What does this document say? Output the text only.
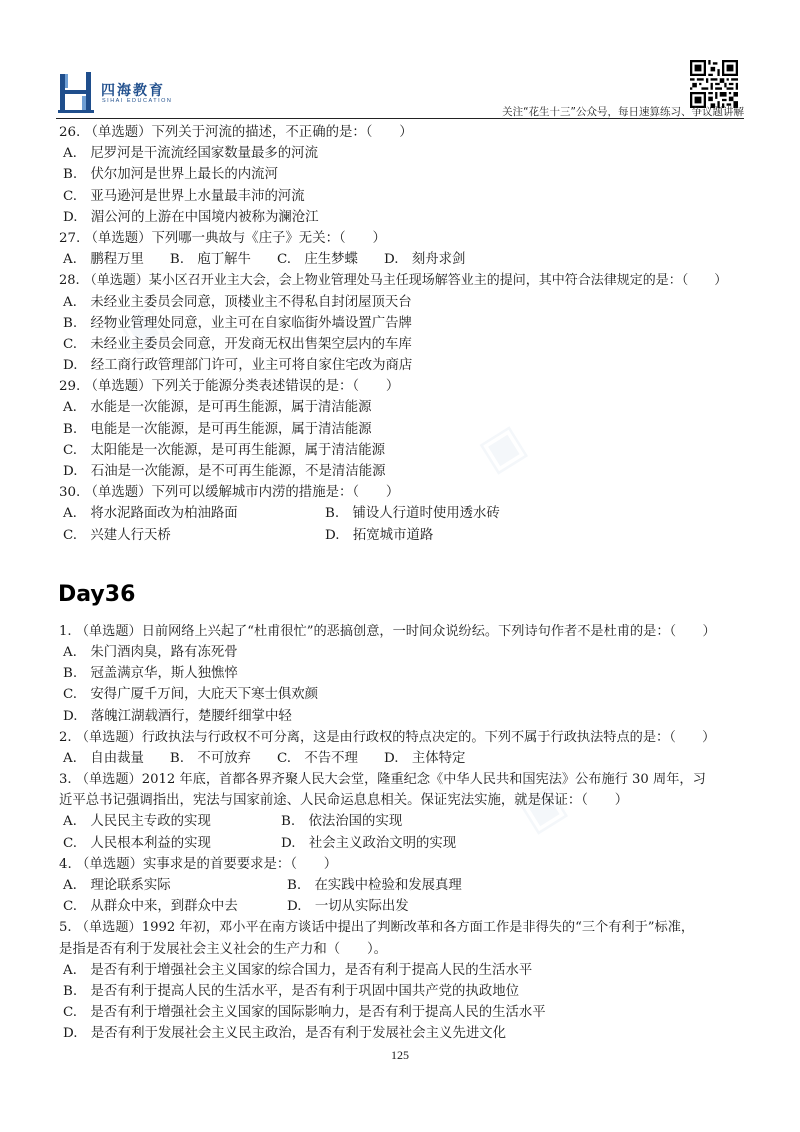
▣
▣
▣
四海教育
SIHAI EDUCATION
关注“花生十三”公众号，每日速算练习、争议题讲解
26. （单选题）下列关于河流的描述，不正确的是：（　　）
A.　尼罗河是干流流经国家数量最多的河流
B.　伏尔加河是世界上最长的内流河
C.　亚马逊河是世界上水量最丰沛的河流
D.　湄公河的上游在中国境内被称为澜沧江
27. （单选题）下列哪一典故与《庄子》无关：（　　）
A.　鹏程万里 B.　庖丁解牛 C.　庄生梦蝶 D.　刻舟求剑
28. （单选题）某小区召开业主大会，会上物业管理处马主任现场解答业主的提问，其中符合法律规定的是：（　　）
A.　未经业主委员会同意，顶楼业主不得私自封闭屋顶天台
B.　经物业管理处同意，业主可在自家临街外墙设置广告牌
C.　未经业主委员会同意，开发商无权出售架空层内的车库
D.　经工商行政管理部门许可，业主可将自家住宅改为商店
29. （单选题）下列关于能源分类表述错误的是：（　　）
A.　水能是一次能源，是可再生能源，属于清洁能源
B.　电能是一次能源，是可再生能源，属于清洁能源
C.　太阳能是一次能源，是可再生能源，属于清洁能源
D.　石油是一次能源，是不可再生能源，不是清洁能源
30. （单选题）下列可以缓解城市内涝的措施是：（　　）
A.　将水泥路面改为柏油路面	B.　铺设人行道时使用透水砖
C.　兴建人行天桥	D.　拓宽城市道路
Day36
1. （单选题）日前网络上兴起了“杜甫很忙”的恶搞创意，一时间众说纷纭。下列诗句作者不是杜甫的是：（　　）
A.　朱门酒肉臭，路有冻死骨
B.　冠盖满京华，斯人独憔悴
C.　安得广厦千万间，大庇天下寒士俱欢颜
D.　落魄江湖载酒行，楚腰纤细掌中轻
2. （单选题）行政执法与行政权不可分离，这是由行政权的特点决定的。下列不属于行政执法特点的是：（　　）
A.　自由裁量 B.　不可放弃 C.　不告不理 D.　主体特定
3. （单选题）2012 年底，首都各界齐聚人民大会堂，隆重纪念《中华人民共和国宪法》公布施行 30 周年，习
近平总书记强调指出，宪法与国家前途、人民命运息息相关。保证宪法实施，就是保证：（　　）
A.　人民民主专政的实现	B.　依法治国的实现
C.　人民根本利益的实现	D.　社会主义政治文明的实现
4. （单选题）实事求是的首要要求是：（　　）
A.　理论联系实际	B.　在实践中检验和发展真理
C.　从群众中来，到群众中去	D.　一切从实际出发
5. （单选题）1992 年初，邓小平在南方谈话中提出了判断改革和各方面工作是非得失的“三个有利于”标准，
是指是否有利于发展社会主义社会的生产力和（　　）。
A.　是否有利于增强社会主义国家的综合国力，是否有利于提高人民的生活水平
B.　是否有利于提高人民的生活水平，是否有利于巩固中国共产党的执政地位
C.　是否有利于增强社会主义国家的国际影响力，是否有利于提高人民的生活水平
D.　是否有利于发展社会主义民主政治，是否有利于发展社会主义先进文化
125
